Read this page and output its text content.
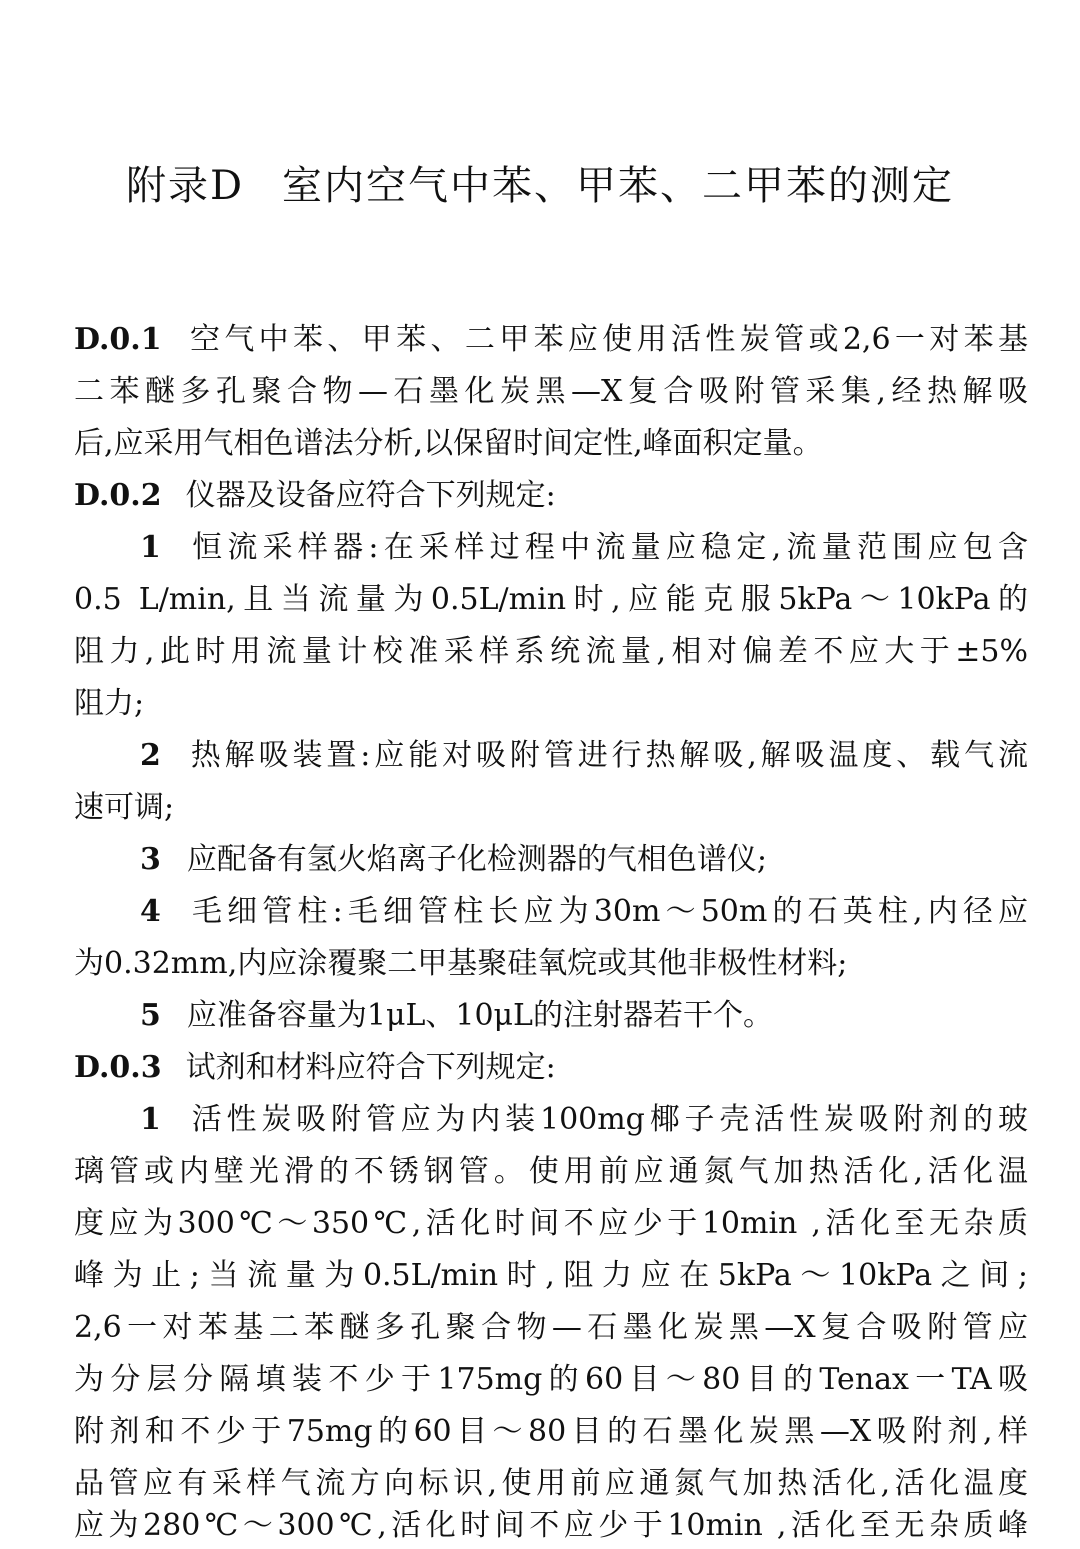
附录D 室内空气中苯、甲苯、二甲苯的测定
D.0.1 空气中苯、甲苯、二甲苯应使用活性炭管或2,6一对苯基
二苯醚多孔聚合物—石墨化炭黑—X复合吸附管采集,经热解吸
后,应采用气相色谱法分析,以保留时间定性,峰面积定量。
D.0.2 仪器及设备应符合下列规定:
1 恒流采样器:在采样过程中流量应稳定,流量范围应包含
0.5 L/min,且当流量为0.5L/min时,应能克服5kPa～10kPa的
阻力,此时用流量计校准采样系统流量,相对偏差不应大于±5%
阻力;
2 热解吸装置:应能对吸附管进行热解吸,解吸温度、载气流
速可调;
3 应配备有氢火焰离子化检测器的气相色谱仪;
4 毛细管柱:毛细管柱长应为30m～50m的石英柱,内径应
为0.32mm,内应涂覆聚二甲基聚硅氧烷或其他非极性材料;
5 应准备容量为1μL、10μL的注射器若干个。
D.0.3 试剂和材料应符合下列规定:
1 活性炭吸附管应为内装100mg椰子壳活性炭吸附剂的玻
璃管或内壁光滑的不锈钢管。使用前应通氮气加热活化,活化温
度应为300℃～350℃,活化时间不应少于10min ,活化至无杂质
峰为止;当流量为0.5L/min时,阻力应在5kPa～10kPa之间;
2,6一对苯基二苯醚多孔聚合物—石墨化炭黑—X复合吸附管应
为分层分隔填装不少于175mg的60目～80目的Tenax一TA吸
附剂和不少于75mg的60目～80目的石墨化炭黑—X吸附剂,样
品管应有采样气流方向标识,使用前应通氮气加热活化,活化温度
应为280℃～300℃,活化时间不应少于10min ,活化至无杂质峰
